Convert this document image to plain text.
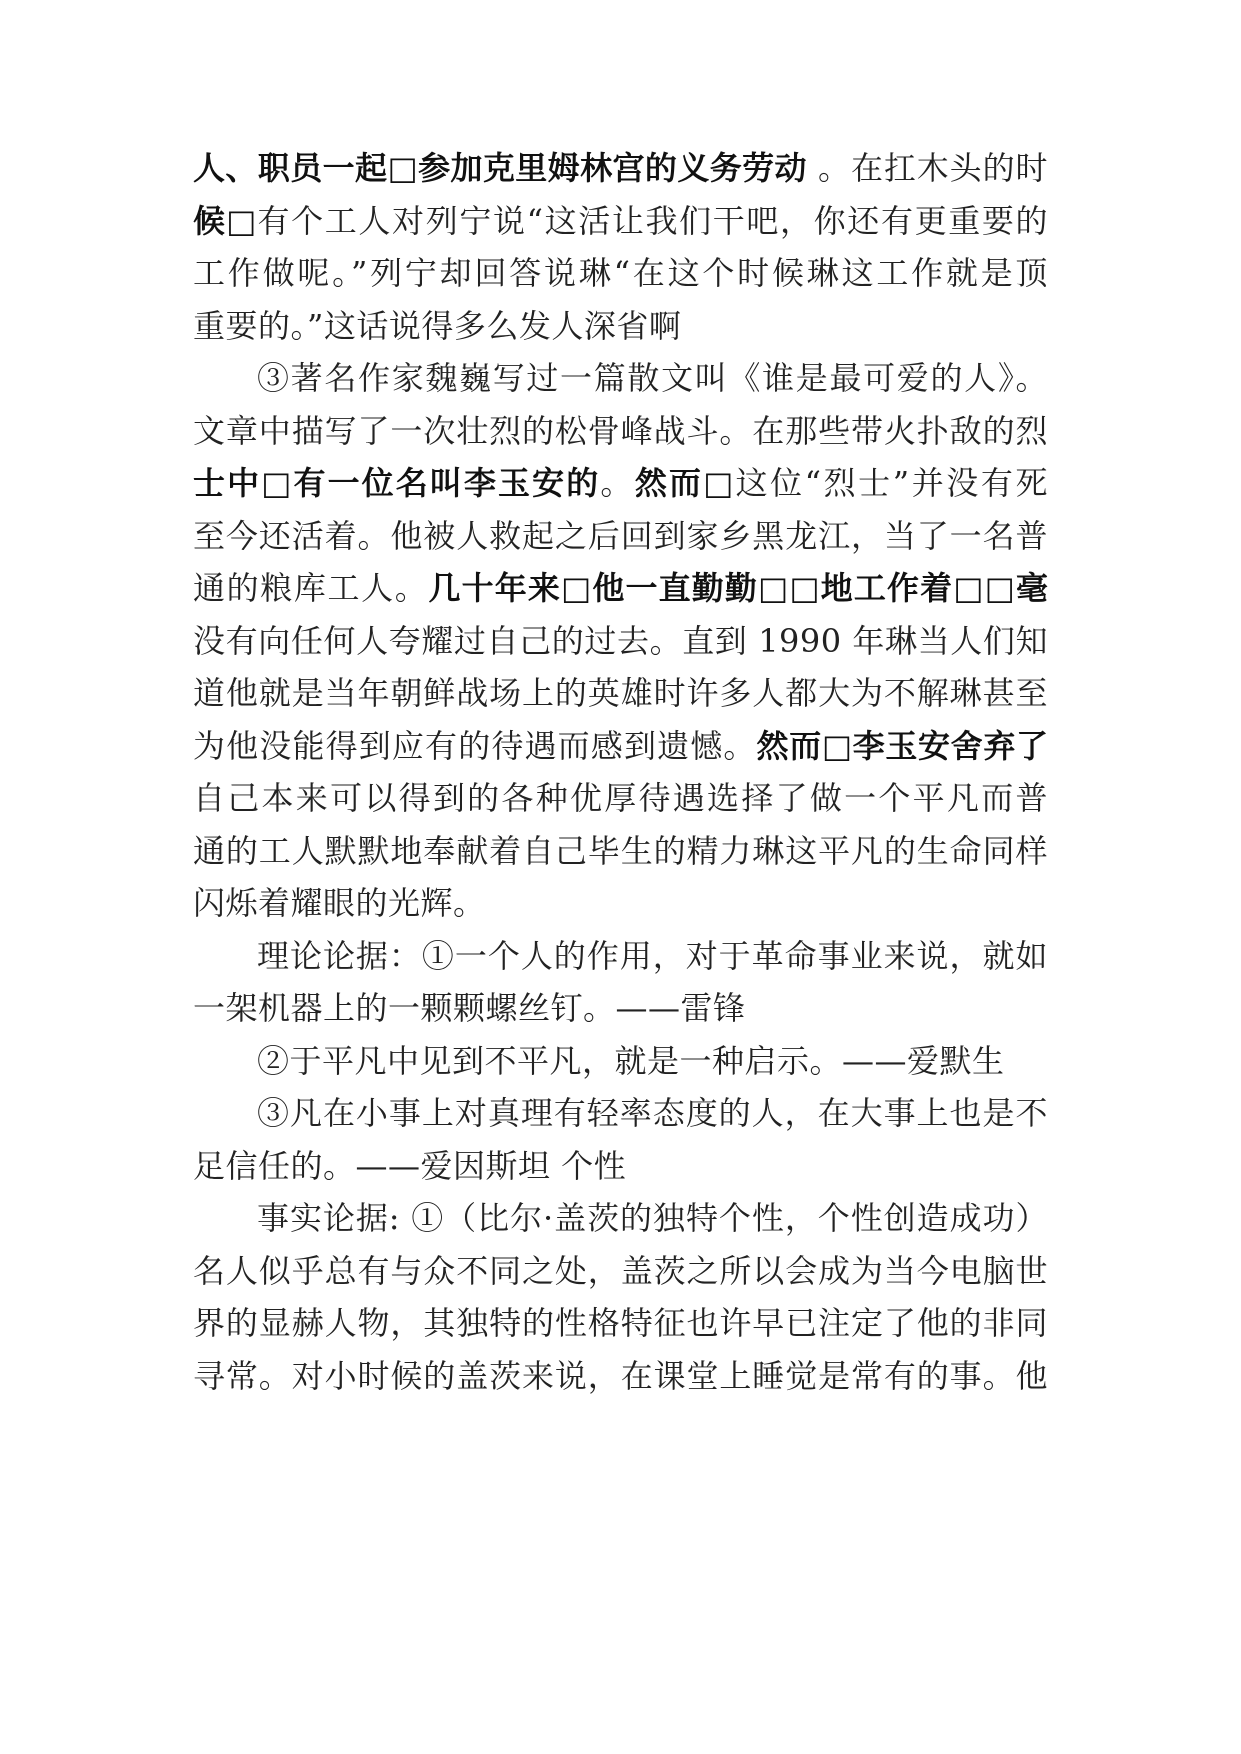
人、职员一起□参加克里姆林宫的义务劳动 。在扛木头的时
候□有个工人对列宁说“这活让我们干吧，你还有更重要的
工作做呢。”列宁却回答说琳“在这个时候琳这工作就是顶
重要的。”这话说得多么发人深省啊
③著名作家魏巍写过一篇散文叫《谁是最可爱的人》。
文章中描写了一次壮烈的松骨峰战斗。在那些带火扑敌的烈
士中□有一位名叫李玉安的。然而□这位“烈士”并没有死
至今还活着。他被人救起之后回到家乡黑龙江，当了一名普
通的粮库工人。几十年来□他一直勤勤□□地工作着□□毫
没有向任何人夸耀过自己的过去。直到 1990 年琳当人们知
道他就是当年朝鲜战场上的英雄时许多人都大为不解琳甚至
为他没能得到应有的待遇而感到遗憾。然而□李玉安舍弃了
自己本来可以得到的各种优厚待遇选择了做一个平凡而普
通的工人默默地奉献着自己毕生的精力琳这平凡的生命同样
闪烁着耀眼的光辉。
理论论据：①一个人的作用，对于革命事业来说，就如
一架机器上的一颗颗螺丝钉。——雷锋
②于平凡中见到不平凡，就是一种启示。——爱默生
③凡在小事上对真理有轻率态度的人，在大事上也是不
足信任的。——爱因斯坦 个性
事实论据: ①（比尔·盖茨的独特个性，个性创造成功）
名人似乎总有与众不同之处，盖茨之所以会成为当今电脑世
界的显赫人物，其独特的性格特征也许早已注定了他的非同
寻常。对小时候的盖茨来说，在课堂上睡觉是常有的事。他
